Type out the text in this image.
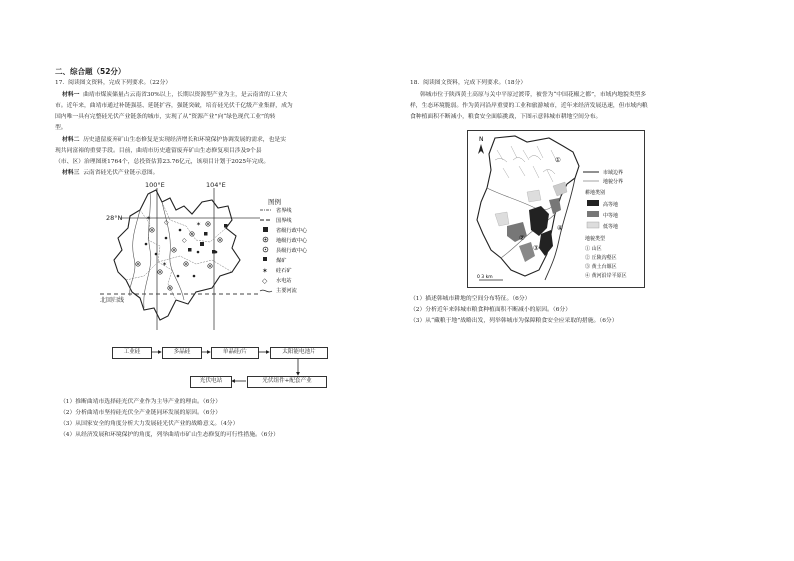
二、综合题（52分）
17．阅读图文资料，完成下列要求。（22分）
材料一 曲靖市煤炭储量占云南省30%以上，长期以资源型产业为主，是云南省的工业大
市。近年来，曲靖市通过补链强基、延链扩容，强链突破，培育硅光伏千亿级产业集群，成为
国内唯一具有完整硅光伏产业链条的城市，实现了从“资源产业”向“绿色现代工业”的转
型。
材料二 历史遗留废弃矿山生态修复是实现经济增长和环境保护协调发展的需求，也是实
现共同富裕的重要手段。目前，曲靖市历史遗留废弃矿山生态修复项目涉及9个县
（市、区）治理图斑1764个，总投资估算23.76亿元，该项目计划于2025年完成。
材料三 云南省硅光伏产业链示意图。
✶
✶
✶
◇
◇
100°E	104°E
28°N
北回归线
图例
省界线
国界线
省级行政中心
地级行政中心
县级行政中心
煤矿
✶ 硅石矿
◇ 水电站
主要河流
工业硅	多晶硅	单晶硅/片	太阳能电池片
光伏组件+配套产业
光伏电站
（1）推断曲靖市选择硅光伏产业作为主导产业的理由。（6分）
（2）分析曲靖市坚持硅光伏全产业链同环发展的原因。（6分）
（3）从国家安全的角度分析大力发展硅光伏产业的战略意义。（4分）
（4）从经济发展和环境保护的角度，列举曲靖市矿山生态修复的可行性措施。（6分）
18．阅读图文资料，完成下列要求。（18分）
韩城市位于陕西黄土高原与关中平原过渡带，被誉为“中国花椒之都”，市域内地貌类型多
样，生态环境脆弱。作为黄河沿岸重要的工业和旅游城市，近年来经济发展迅速，但市域内粮
食种植面积不断减小，粮食安全面临挑战，下图示意韩城市耕地空间分布。
N
①
②
③
④
0 3 km
市域边界
地貌分界
耕地类别
高等地
中等地
低等地
地貌类型
① 山区
② 丘陵沟壑区
③ 黄土台塬区
④ 黄河沿岸平原区
（1）描述韩城市耕地的空间分布特征。（6分）
（2）分析近年来韩城市粮食种植面积不断减小的原因。（6分）
（3）从“藏粮于地”战略出发，列举韩城市为保障粮食安全应采取的措施。（6分）
